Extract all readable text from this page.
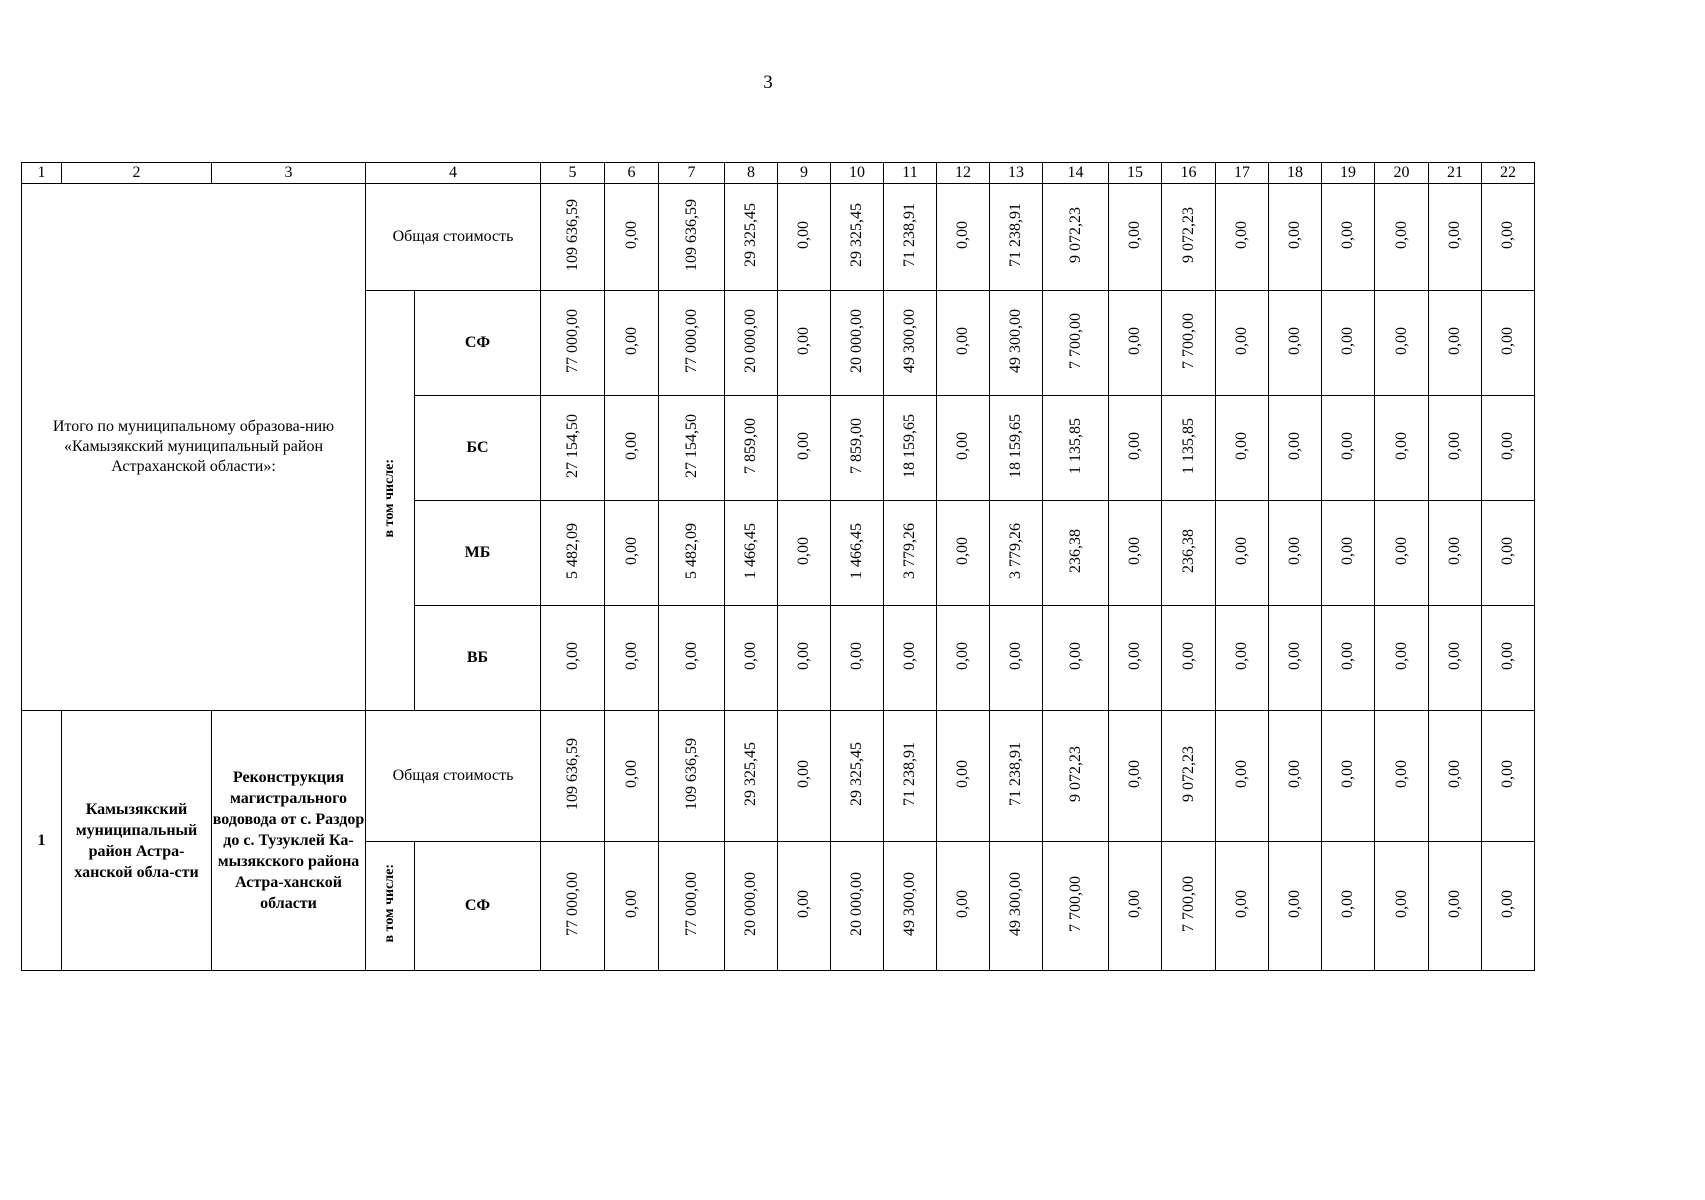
3
1	2	3	4		5	6	7	8	9	10	11	12	13	14	15	16	17	18	19	20	21	22
Итого по муниципальному образова-нию «Камызякский муниципальный район Астраханской области»:			Общая стоимость		109 636,59	0,00	109 636,59	29 325,45	0,00	29 325,45	71 238,91	0,00	71 238,91	9 072,23	0,00	9 072,23	0,00	0,00	0,00	0,00	0,00	0,00
			в том числе:	СФ	77 000,00	0,00	77 000,00	20 000,00	0,00	20 000,00	49 300,00	0,00	49 300,00	7 700,00	0,00	7 700,00	0,00	0,00	0,00	0,00	0,00	0,00
				БС	27 154,50	0,00	27 154,50	7 859,00	0,00	7 859,00	18 159,65	0,00	18 159,65	1 135,85	0,00	1 135,85	0,00	0,00	0,00	0,00	0,00	0,00
				МБ	5 482,09	0,00	5 482,09	1 466,45	0,00	1 466,45	3 779,26	0,00	3 779,26	236,38	0,00	236,38	0,00	0,00	0,00	0,00	0,00	0,00
				ВБ	0,00	0,00	0,00	0,00	0,00	0,00	0,00	0,00	0,00	0,00	0,00	0,00	0,00	0,00	0,00	0,00	0,00	0,00
1	Камызякский муниципальный район Астра-ханской обла-сти	Реконструкция магистрального водовода от с. Раздор до с. Тузуклей Ка-мызякского района Астра-ханской области	Общая стоимость		109 636,59	0,00	109 636,59	29 325,45	0,00	29 325,45	71 238,91	0,00	71 238,91	9 072,23	0,00	9 072,23	0,00	0,00	0,00	0,00	0,00	0,00
			в том числе:	СФ	77 000,00	0,00	77 000,00	20 000,00	0,00	20 000,00	49 300,00	0,00	49 300,00	7 700,00	0,00	7 700,00	0,00	0,00	0,00	0,00	0,00	0,00
